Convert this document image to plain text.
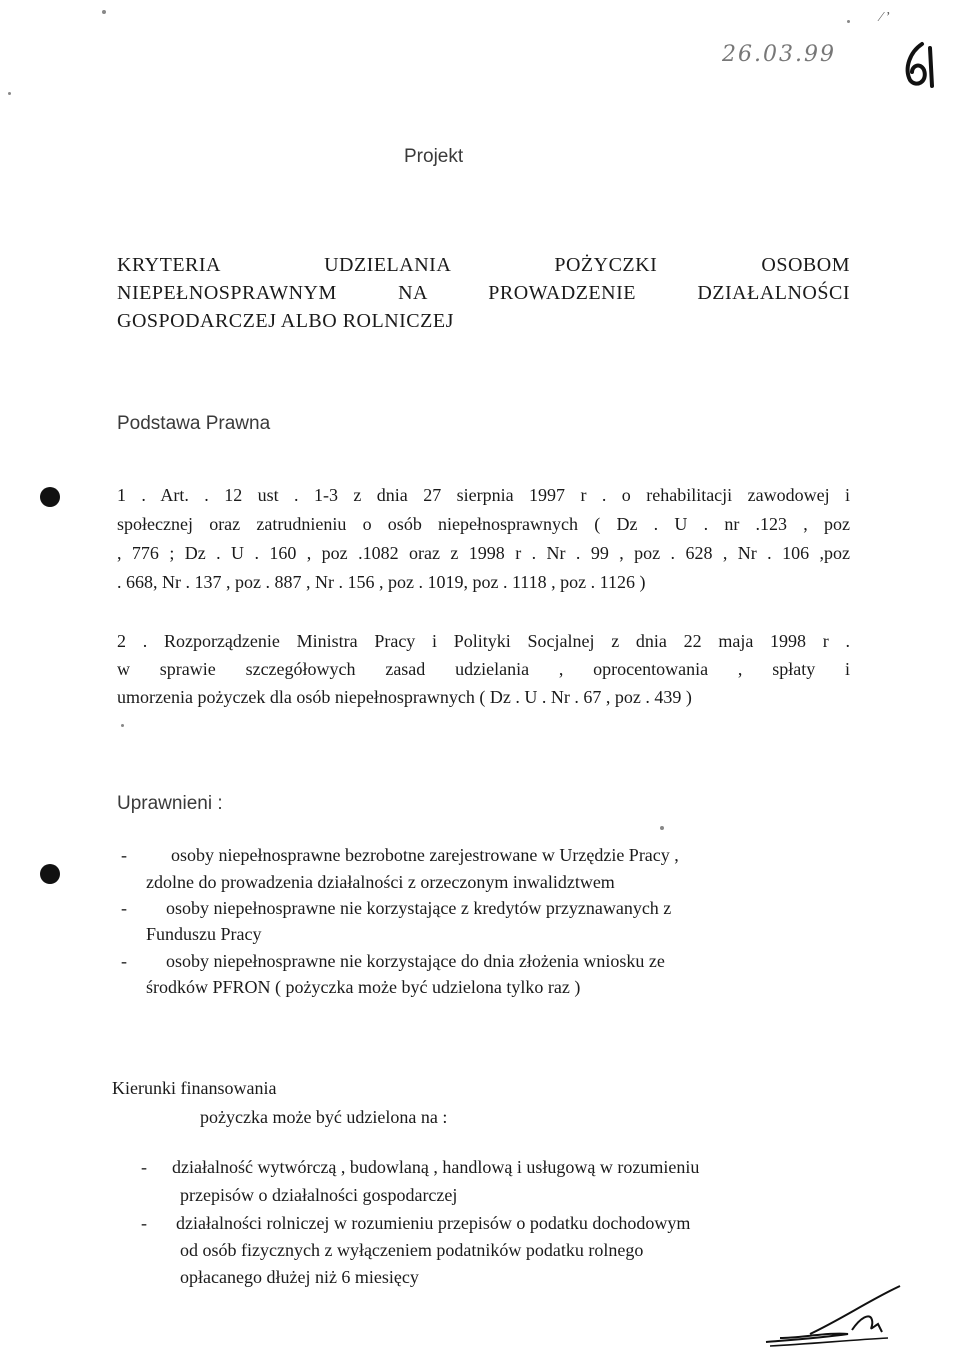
26.03.99
⁄ ʼ
Projekt
KRYTERIA UDZIELANIA POŻYCZKI OSOBOM
NIEPEŁNOSPRAWNYM NA PROWADZENIE DZIAŁALNOŚCI
GOSPODARCZEJ ALBO ROLNICZEJ
Podstawa Prawna
1 . Art. . 12 ust . 1-3 z dnia 27 sierpnia 1997 r . o rehabilitacji zawodowej i
społecznej oraz zatrudnieniu o osób niepełnosprawnych ( Dz . U . nr .123 , poz
, 776 ; Dz . U . 160 , poz .1082 oraz z 1998 r . Nr . 99 , poz . 628 , Nr . 106 ,poz
. 668, Nr . 137 , poz . 887 , Nr . 156 , poz . 1019, poz . 1118 , poz . 1126 )
2 . Rozporządzenie Ministra Pracy i Polityki Socjalnej z dnia 22 maja 1998 r .
w sprawie szczegółowych zasad udzielania , oprocentowania , spłaty i
umorzenia pożyczek dla osób niepełnosprawnych ( Dz . U . Nr . 67 , poz . 439 )
Uprawnieni :
- osoby niepełnosprawne bezrobotne zarejestrowane w Urzędzie Pracy ,
zdolne do prowadzenia działalności z orzeczonym inwalidztwem
- osoby niepełnosprawne nie korzystające z kredytów przyznawanych z
Funduszu Pracy
- osoby niepełnosprawne nie korzystające do dnia złożenia wniosku ze
środków PFRON ( pożyczka może być udzielona tylko raz )
Kierunki finansowania
pożyczka może być udzielona na :
- działalność wytwórczą , budowlaną , handlową i usługową w rozumieniu
przepisów o działalności gospodarczej
- działalności rolniczej w rozumieniu przepisów o podatku dochodowym
od osób fizycznych z wyłączeniem podatników podatku rolnego
opłacanego dłużej niż 6 miesięcy
